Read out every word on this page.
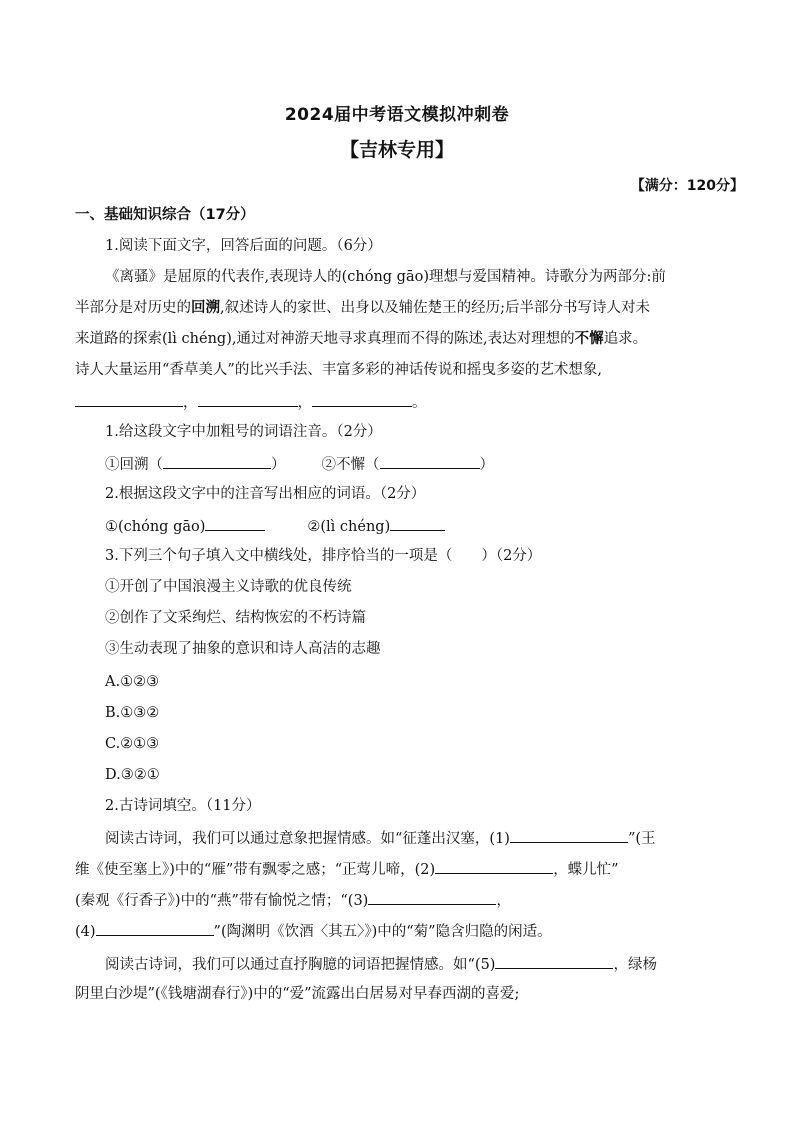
2024届中考语文模拟冲刺卷
【吉林专用】
【满分：120分】
一、基础知识综合（17分）
1.阅读下面文字，回答后面的问题。（6分）
《离骚》是屈原的代表作,表现诗人的(chóng gāo)理想与爱国精神。诗歌分为两部分:前
半部分是对历史的回溯,叙述诗人的家世、出身以及辅佐楚王的经历;后半部分书写诗人对未
来道路的探索(lì chéng),通过对神游天地寻求真理而不得的陈述,表达对理想的不懈追求。
诗人大量运用“香草美人”的比兴手法、丰富多彩的神话传说和摇曳多姿的艺术想象,
，	，	。
1.给这段文字中加粗号的词语注音。（2分）
①回溯（	） ②不懈（	）
2.根据这段文字中的注音写出相应的词语。（2分）
①(chóng gāo)	②(lì chéng)
3.下列三个句子填入文中横线处，排序恰当的一项是（　　）（2分）
①开创了中国浪漫主义诗歌的优良传统
②创作了文采绚烂、结构恢宏的不朽诗篇
③生动表现了抽象的意识和诗人高洁的志趣
A.①②③
B.①③②
C.②①③
D.③②①
2.古诗词填空。（11分）
阅读古诗词，我们可以通过意象把握情感。如“征蓬出汉塞，(1)	”(王
维《使至塞上》)中的“雁”带有飘零之感；“正莺儿啼，(2)	，蝶儿忙”
(秦观《行香子》)中的“燕”带有愉悦之情；“(3)	，
(4)	”(陶渊明《饮酒〈其五〉》)中的“菊”隐含归隐的闲适。
阅读古诗词，我们可以通过直抒胸臆的词语把握情感。如“(5)	，绿杨
阴里白沙堤”(《钱塘湖春行》)中的“爱”流露出白居易对早春西湖的喜爱;
